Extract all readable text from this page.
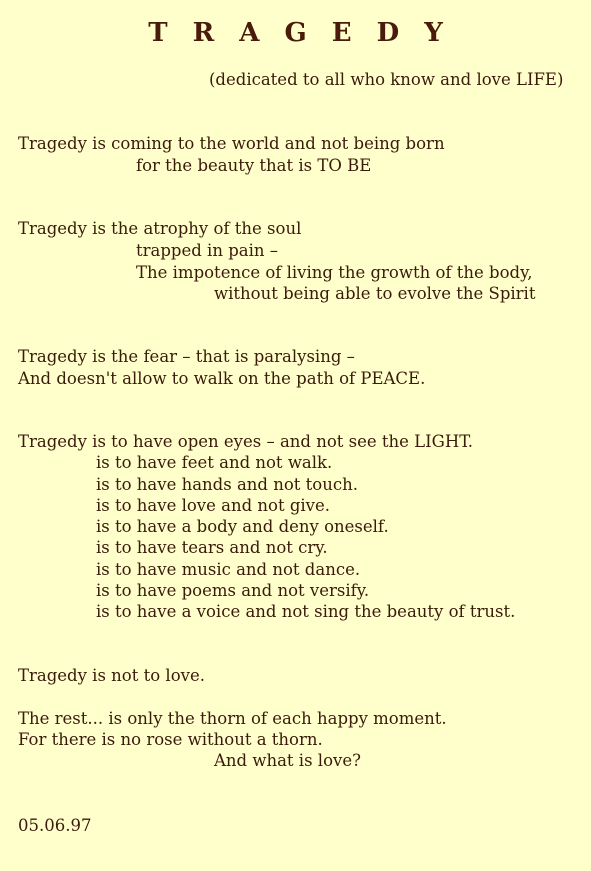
T R A G E D Y
(dedicated to all who know and love LIFE)
Tragedy is coming to the world and not being born
for the beauty that is TO BE
Tragedy is the atrophy of the soul
trapped in pain –
The impotence of living the growth of the body,
without being able to evolve the Spirit
Tragedy is the fear – that is paralysing –
And doesn't allow to walk on the path of PEACE.
Tragedy is to have open eyes – and not see the LIGHT.
is to have feet and not walk.
is to have hands and not touch.
is to have love and not give.
is to have a body and deny oneself.
is to have tears and not cry.
is to have music and not dance.
is to have poems and not versify.
is to have a voice and not sing the beauty of trust.
Tragedy is not to love.
The rest... is only the thorn of each happy moment.
For there is no rose without a thorn.
And what is love?
05.06.97
